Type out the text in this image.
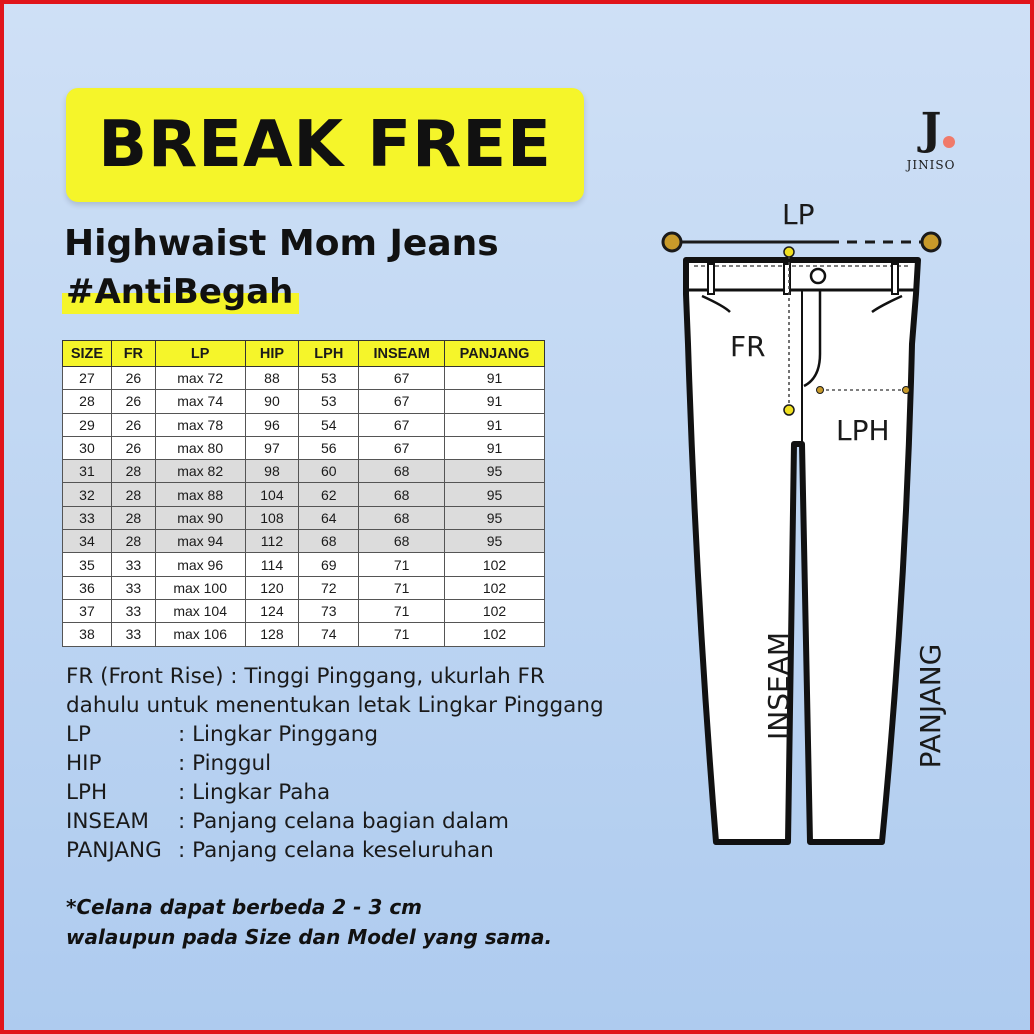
BREAK FREE	J
JINISO
Highwaist Mom Jeans
#AntiBegah
SIZE	FR	LP	HIP	LPH	INSEAM	PANJANG
27	26	max 72	88	53	67	91
28	26	max 74	90	53	67	91
29	26	max 78	96	54	67	91
30	26	max 80	97	56	67	91
31	28	max 82	98	60	68	95
32	28	max 88	104	62	68	95
33	28	max 90	108	64	68	95
34	28	max 94	112	68	68	95
35	33	max 96	114	69	71	102
36	33	max 100	120	72	71	102
37	33	max 104	124	73	71	102
38	33	max 106	128	74	71	102
FR (Front Rise) : Tinggi Pinggang, ukurlah FR
dahulu untuk menentukan letak Lingkar Pinggang
LP	: Lingkar Pinggang
HIP	: Pinggul
LPH	: Lingkar Paha
INSEAM : Panjang celana bagian dalam
PANJANG : Panjang celana keseluruhan
*Celana dapat berbeda 2 - 3 cm
walaupun pada Size dan Model yang sama.
LP
FR
LPH
INSEAM	PANJANG
